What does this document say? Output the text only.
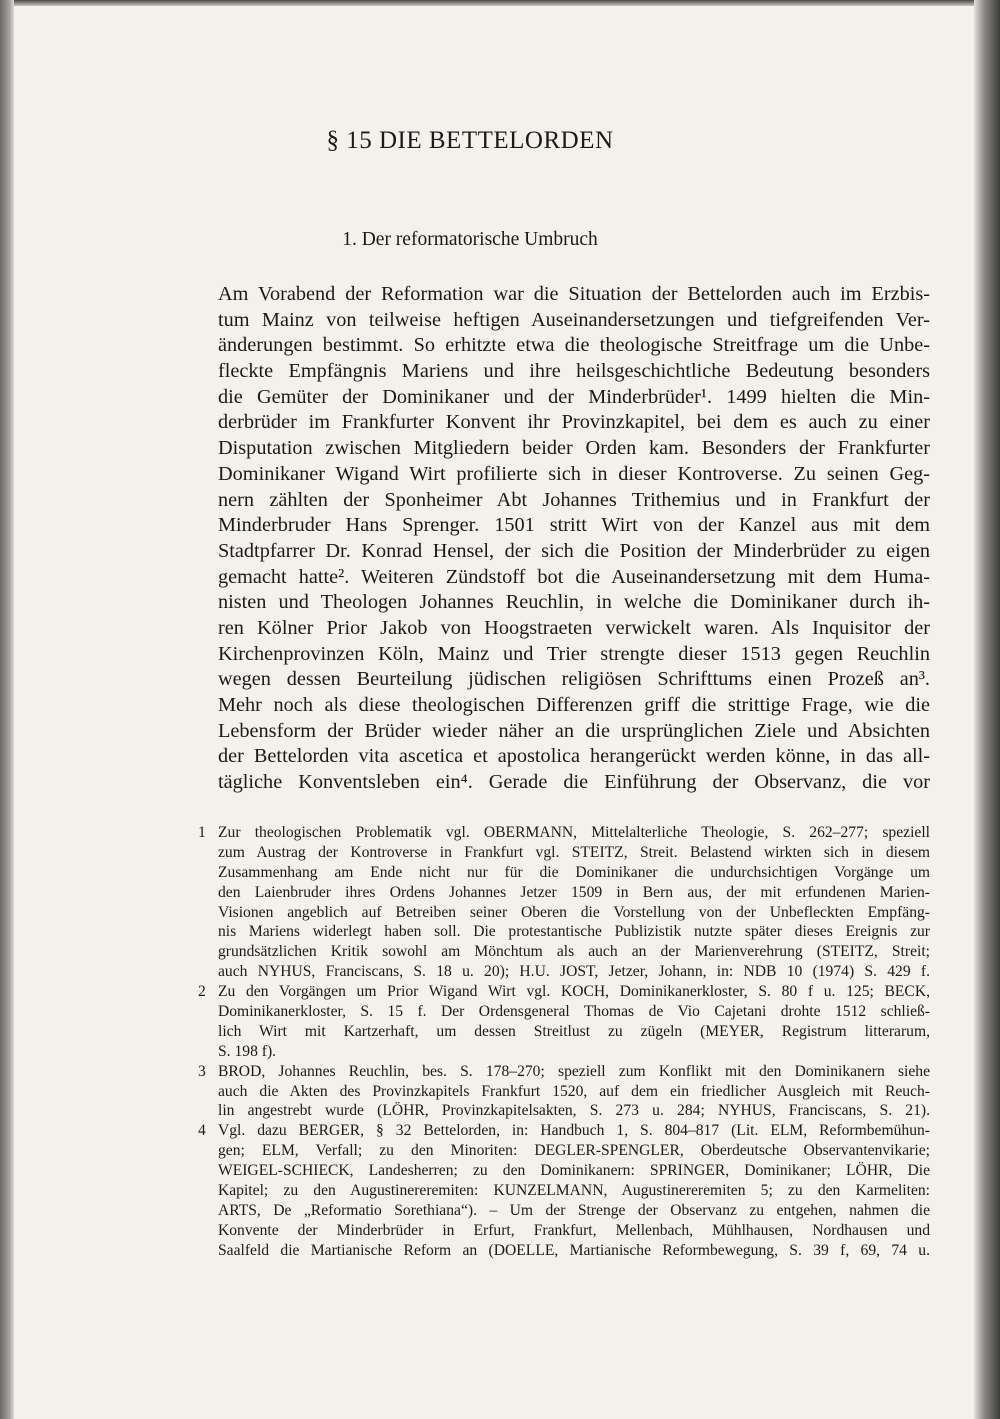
§ 15 DIE BETTELORDEN
1. Der reformatorische Umbruch
Am Vorabend der Reformation war die Situation der Bettelorden auch im Erzbis-
tum Mainz von teilweise heftigen Auseinandersetzungen und tiefgreifenden Ver-
änderungen bestimmt. So erhitzte etwa die theologische Streitfrage um die Unbe-
fleckte Empfängnis Mariens und ihre heilsgeschichtliche Bedeutung besonders
die Gemüter der Dominikaner und der Minderbrüder¹. 1499 hielten die Min-
derbrüder im Frankfurter Konvent ihr Provinzkapitel, bei dem es auch zu einer
Disputation zwischen Mitgliedern beider Orden kam. Besonders der Frankfurter
Dominikaner Wigand Wirt profilierte sich in dieser Kontroverse. Zu seinen Geg-
nern zählten der Sponheimer Abt Johannes Trithemius und in Frankfurt der
Minderbruder Hans Sprenger. 1501 stritt Wirt von der Kanzel aus mit dem
Stadtpfarrer Dr. Konrad Hensel, der sich die Position der Minderbrüder zu eigen
gemacht hatte². Weiteren Zündstoff bot die Auseinandersetzung mit dem Huma-
nisten und Theologen Johannes Reuchlin, in welche die Dominikaner durch ih-
ren Kölner Prior Jakob von Hoogstraeten verwickelt waren. Als Inquisitor der
Kirchenprovinzen Köln, Mainz und Trier strengte dieser 1513 gegen Reuchlin
wegen dessen Beurteilung jüdischen religiösen Schrifttums einen Prozeß an³.
Mehr noch als diese theologischen Differenzen griff die strittige Frage, wie die
Lebensform der Brüder wieder näher an die ursprünglichen Ziele und Absichten
der Bettelorden vita ascetica et apostolica herangerückt werden könne, in das all-
tägliche Konventsleben ein⁴. Gerade die Einführung der Observanz, die vor
1 Zur theologischen Problematik vgl. OBERMANN, Mittelalterliche Theologie, S. 262–277; speziell
zum Austrag der Kontroverse in Frankfurt vgl. STEITZ, Streit. Belastend wirkten sich in diesem
Zusammenhang am Ende nicht nur für die Dominikaner die undurchsichtigen Vorgänge um
den Laienbruder ihres Ordens Johannes Jetzer 1509 in Bern aus, der mit erfundenen Marien-
Visionen angeblich auf Betreiben seiner Oberen die Vorstellung von der Unbefleckten Empfäng-
nis Mariens widerlegt haben soll. Die protestantische Publizistik nutzte später dieses Ereignis zur
grundsätzlichen Kritik sowohl am Mönchtum als auch an der Marienverehrung (STEITZ, Streit;
auch NYHUS, Franciscans, S. 18 u. 20); H.U. JOST, Jetzer, Johann, in: NDB 10 (1974) S. 429 f.
2 Zu den Vorgängen um Prior Wigand Wirt vgl. KOCH, Dominikanerkloster, S. 80 f u. 125; BECK,
Dominikanerkloster, S. 15 f. Der Ordensgeneral Thomas de Vio Cajetani drohte 1512 schließ-
lich Wirt mit Kartzerhaft, um dessen Streitlust zu zügeln (MEYER, Registrum litterarum,
S. 198 f).
3 BROD, Johannes Reuchlin, bes. S. 178–270; speziell zum Konflikt mit den Dominikanern siehe
auch die Akten des Provinzkapitels Frankfurt 1520, auf dem ein friedlicher Ausgleich mit Reuch-
lin angestrebt wurde (LÖHR, Provinzkapitelsakten, S. 273 u. 284; NYHUS, Franciscans, S. 21).
4 Vgl. dazu BERGER, § 32 Bettelorden, in: Handbuch 1, S. 804–817 (Lit. ELM, Reformbemühun-
gen; ELM, Verfall; zu den Minoriten: DEGLER-SPENGLER, Oberdeutsche Observantenvikarie;
WEIGEL-SCHIECK, Landesherren; zu den Dominikanern: SPRINGER, Dominikaner; LÖHR, Die
Kapitel; zu den Augustinereremiten: KUNZELMANN, Augustinereremiten 5; zu den Karmeliten:
ARTS, De „Reformatio Sorethiana“). – Um der Strenge der Observanz zu entgehen, nahmen die
Konvente der Minderbrüder in Erfurt, Frankfurt, Mellenbach, Mühlhausen, Nordhausen und
Saalfeld die Martianische Reform an (DOELLE, Martianische Reformbewegung, S. 39 f, 69, 74 u.
